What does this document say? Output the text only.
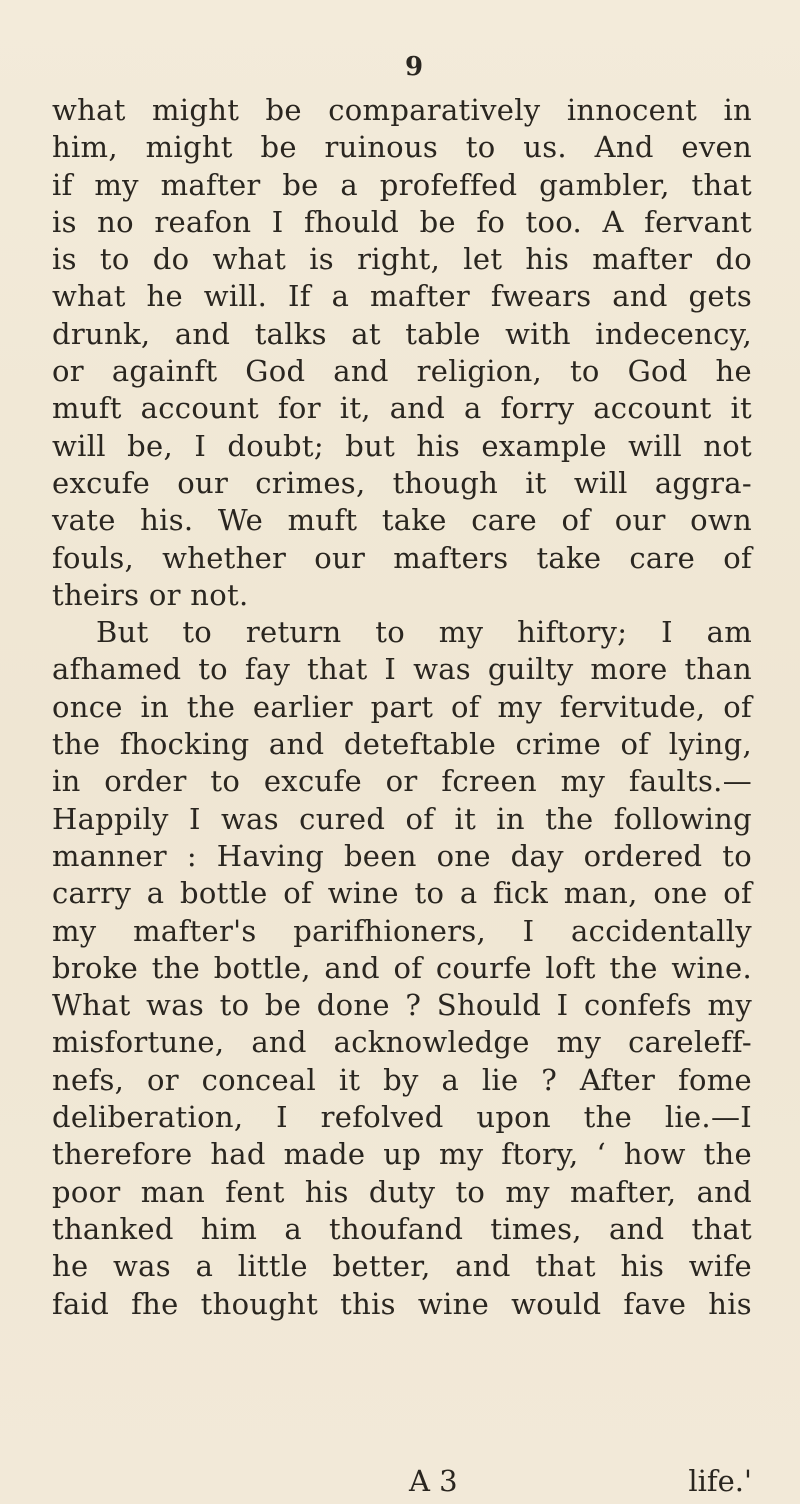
9
what might be comparatively innocent in
him, might be ruinous to us. And even
if my mafter be a profeffed gambler, that
is no reafon I fhould be fo too. A fervant
is to do what is right, let his mafter do
what he will. If a mafter fwears and gets
drunk, and talks at table with indecency,
or againft God and religion, to God he
muft account for it, and a forry account it
will be, I doubt; but his example will not
excufe our crimes, though it will aggra-
vate his. We muft take care of our own
fouls, whether our mafters take care of
theirs or not.
But to return to my hiftory; I am
afhamed to fay that I was guilty more than
once in the earlier part of my fervitude, of
the fhocking and deteftable crime of lying,
in order to excufe or fcreen my faults.—
Happily I was cured of it in the following
manner : Having been one day ordered to
carry a bottle of wine to a fick man, one of
my mafter's parifhioners, I accidentally
broke the bottle, and of courfe loft the wine.
What was to be done ? Should I confefs my
misfortune, and acknowledge my careleff-
nefs, or conceal it by a lie ? After fome
deliberation, I refolved upon the lie.—I
therefore had made up my ftory, ‘ how the
poor man fent his duty to my mafter, and
thanked him a thoufand times, and that
he was a little better, and that his wife
faid fhe thought this wine would fave his
A 3	life.'
